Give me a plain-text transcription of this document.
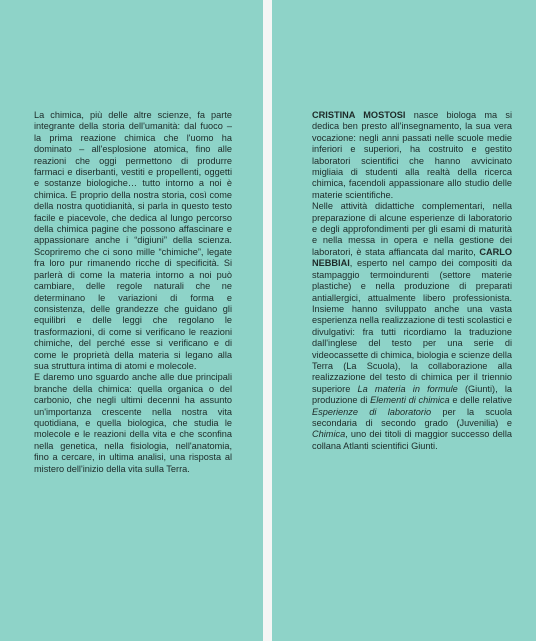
La chimica, più delle altre scienze, fa parte integrante della storia dell'umanità: dal fuoco – la prima reazione chimica che l'uomo ha dominato – all'esplosione atomica, fino alle reazioni che oggi permettono di produrre farmaci e diserbanti, vestiti e propellenti, oggetti e sostanze biologiche… tutto intorno a noi è chimica. E proprio della nostra storia, così come della nostra quotidianità, si parla in questo testo facile e piacevole, che dedica al lungo percorso della chimica pagine che possono affascinare e appassionare anche i “digiuni” della scienza. Scopriremo che ci sono mille “chimiche”, legate fra loro pur rimanendo ricche di specificità. Si parlerà di come la materia intorno a noi può cambiare, delle regole naturali che ne determinano le variazioni di forma e consistenza, delle grandezze che guidano gli equilibri e delle leggi che regolano le trasformazioni, di come si verificano le reazioni chimiche, del perché esse si verificano e di come le proprietà della materia si legano alla sua struttura intima di atomi e molecole.

E daremo uno sguardo anche alle due principali branche della chimica: quella organica o del carbonio, che negli ultimi decenni ha assunto un'importanza crescente nella nostra vita quotidiana, e quella biologica, che studia le molecole e le reazioni della vita e che sconfina nella genetica, nella fisiologia, nell'anatomia, fino a cercare, in ultima analisi, una risposta al mistero dell'inizio della vita sulla Terra.

CRISTINA MOSTOSI nasce biologa ma si dedica ben presto all'insegnamento, la sua vera vocazione: negli anni passati nelle scuole medie inferiori e superiori, ha costruito e gestito laboratori scientifici che hanno avvicinato migliaia di studenti alla realtà della ricerca chimica, facendoli appassionare allo studio delle materie scientifiche.

Nelle attività didattiche complementari, nella preparazione di alcune esperienze di laboratorio e degli approfondimenti per gli esami di maturità e nella messa in opera e nella gestione dei laboratori, è stata affiancata dal marito, CARLO NEBBIAI, esperto nel campo dei compositi da stampaggio termoindurenti (settore materie plastiche) e nella produzione di preparati antiallergici, attualmente libero professionista. Insieme hanno sviluppato anche una vasta esperienza nella realizzazione di testi scolastici e divulgativi: fra tutti ricordiamo la traduzione dall'inglese del testo per una serie di videocassette di chimica, biologia e scienze della Terra (La Scuola), la collaborazione alla realizzazione del testo di chimica per il triennio superiore La materia in formule (Giunti), la produzione di Elementi di chimica e delle relative Esperienze di laboratorio per la scuola secondaria di secondo grado (Juvenilia) e Chimica, uno dei titoli di maggior successo della collana Atlanti scientifici Giunti.
